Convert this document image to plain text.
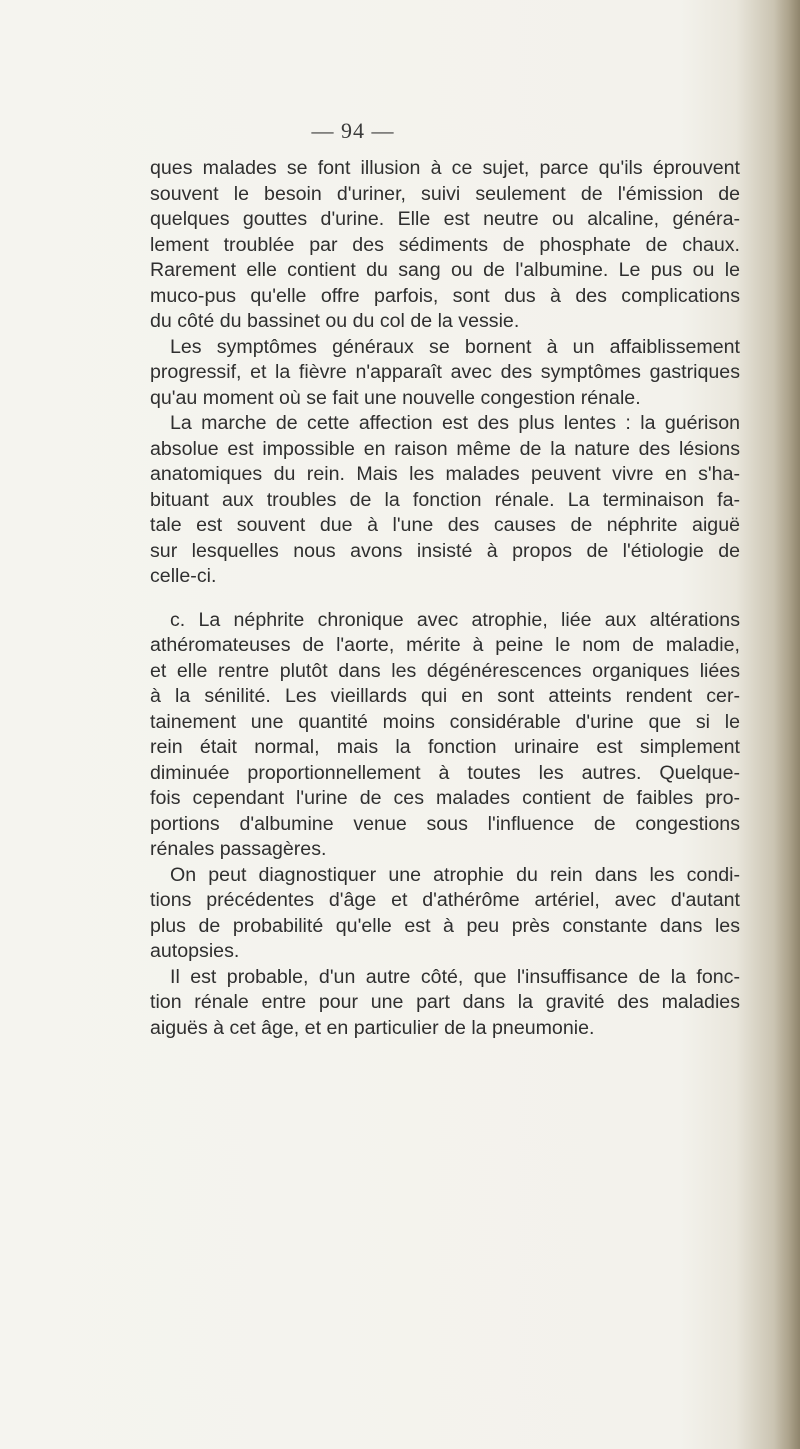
— 94 —
ques malades se font illusion à ce sujet, parce qu'ils éprouvent
souvent le besoin d'uriner, suivi seulement de l'émission de
quelques gouttes d'urine. Elle est neutre ou alcaline, généra-
lement troublée par des sédiments de phosphate de chaux.
Rarement elle contient du sang ou de l'albumine. Le pus ou le
muco-pus qu'elle offre parfois, sont dus à des complications
du côté du bassinet ou du col de la vessie.
Les symptômes généraux se bornent à un affaiblissement
progressif, et la fièvre n'apparaît avec des symptômes gastriques
qu'au moment où se fait une nouvelle congestion rénale.
La marche de cette affection est des plus lentes : la guérison
absolue est impossible en raison même de la nature des lésions
anatomiques du rein. Mais les malades peuvent vivre en s'ha-
bituant aux troubles de la fonction rénale. La terminaison fa-
tale est souvent due à l'une des causes de néphrite aiguë
sur lesquelles nous avons insisté à propos de l'étiologie de
celle-ci.
c. La néphrite chronique avec atrophie, liée aux altérations
athéromateuses de l'aorte, mérite à peine le nom de maladie,
et elle rentre plutôt dans les dégénérescences organiques liées
à la sénilité. Les vieillards qui en sont atteints rendent cer-
tainement une quantité moins considérable d'urine que si le
rein était normal, mais la fonction urinaire est simplement
diminuée proportionnellement à toutes les autres. Quelque-
fois cependant l'urine de ces malades contient de faibles pro-
portions d'albumine venue sous l'influence de congestions
rénales passagères.
On peut diagnostiquer une atrophie du rein dans les condi-
tions précédentes d'âge et d'athérôme artériel, avec d'autant
plus de probabilité qu'elle est à peu près constante dans les
autopsies.
Il est probable, d'un autre côté, que l'insuffisance de la fonc-
tion rénale entre pour une part dans la gravité des maladies
aiguës à cet âge, et en particulier de la pneumonie.
